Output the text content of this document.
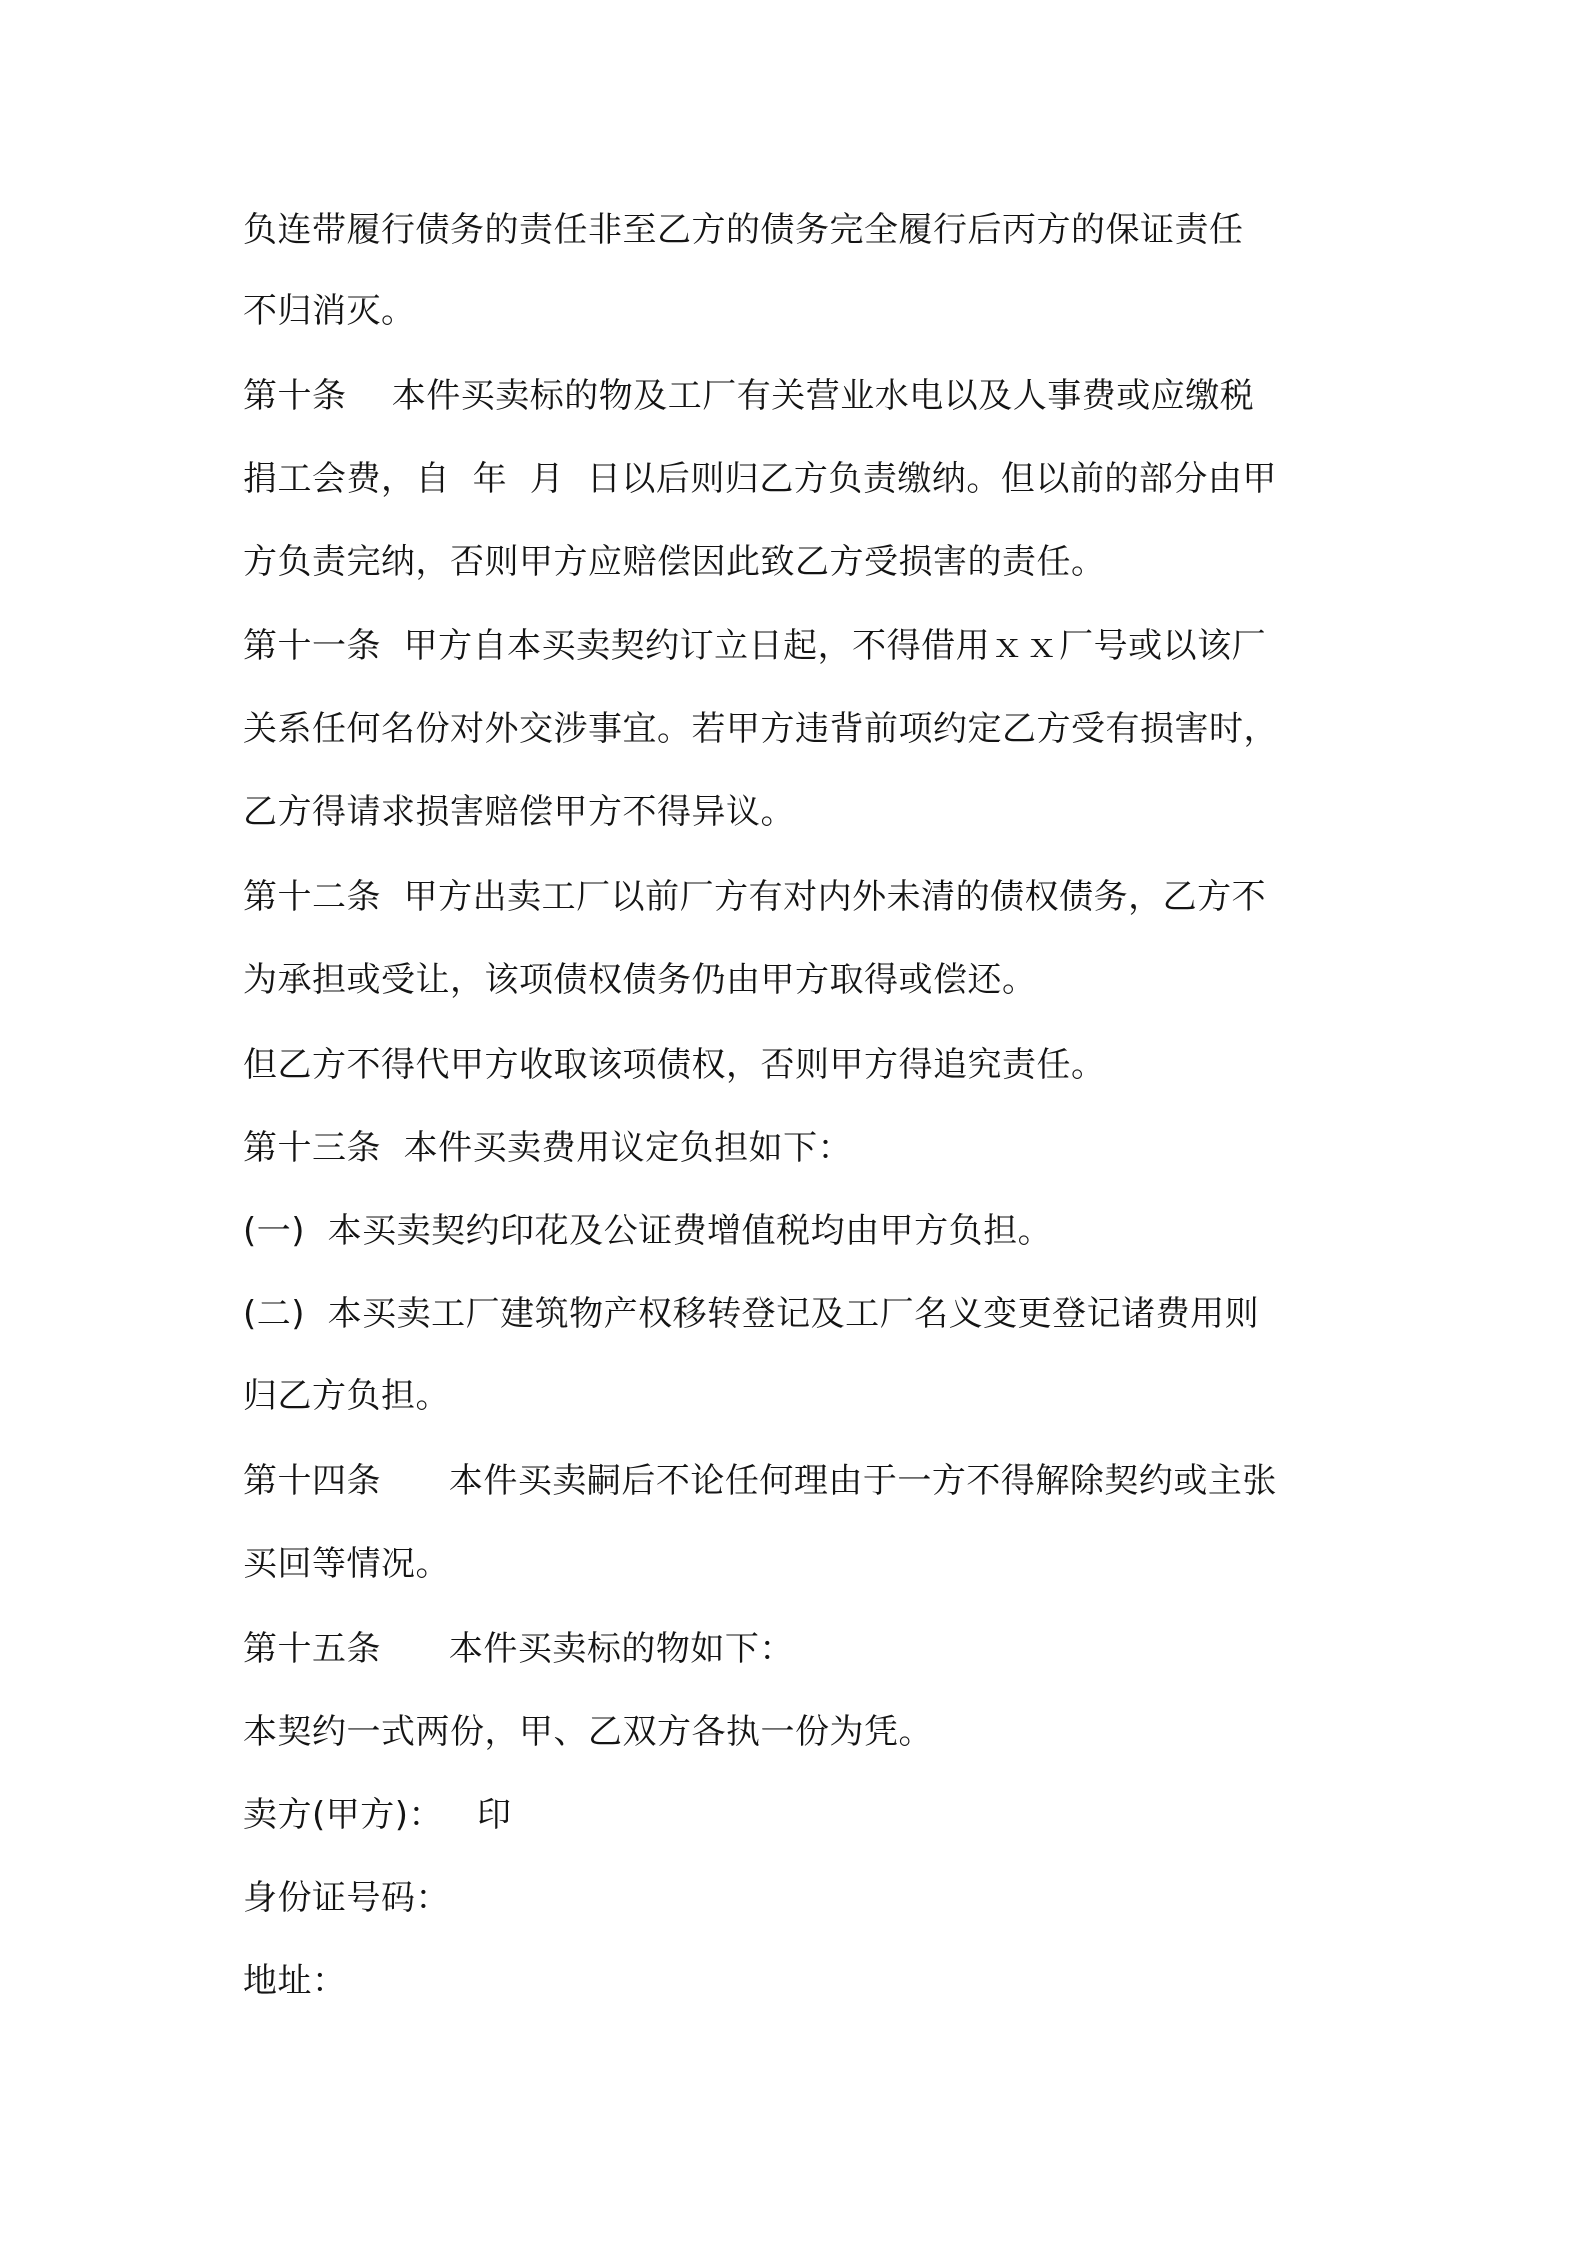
负连带履行债务的责任非至乙方的债务完全履行后丙方的保证责任
不归消灭。
第十条    本件买卖标的物及工厂有关营业水电以及人事费或应缴税
捐工会费，自  年  月  日以后则归乙方负责缴纳。但以前的部分由甲
方负责完纳，否则甲方应赔偿因此致乙方受损害的责任。
第十一条  甲方自本买卖契约订立日起，不得借用ｘｘ厂号或以该厂
关系任何名份对外交涉事宜。若甲方违背前项约定乙方受有损害时，
乙方得请求损害赔偿甲方不得异议。
第十二条  甲方出卖工厂以前厂方有对内外未清的债权债务，乙方不
为承担或受让，该项债权债务仍由甲方取得或偿还。
但乙方不得代甲方收取该项债权，否则甲方得追究责任。
第十三条  本件买卖费用议定负担如下：
(一)  本买卖契约印花及公证费增值税均由甲方负担。
(二)  本买卖工厂建筑物产权移转登记及工厂名义变更登记诸费用则
归乙方负担。
第十四条      本件买卖嗣后不论任何理由于一方不得解除契约或主张
买回等情况。
第十五条      本件买卖标的物如下：
本契约一式两份，甲、乙双方各执一份为凭。
卖方(甲方)：   印
身份证号码：
地址：
